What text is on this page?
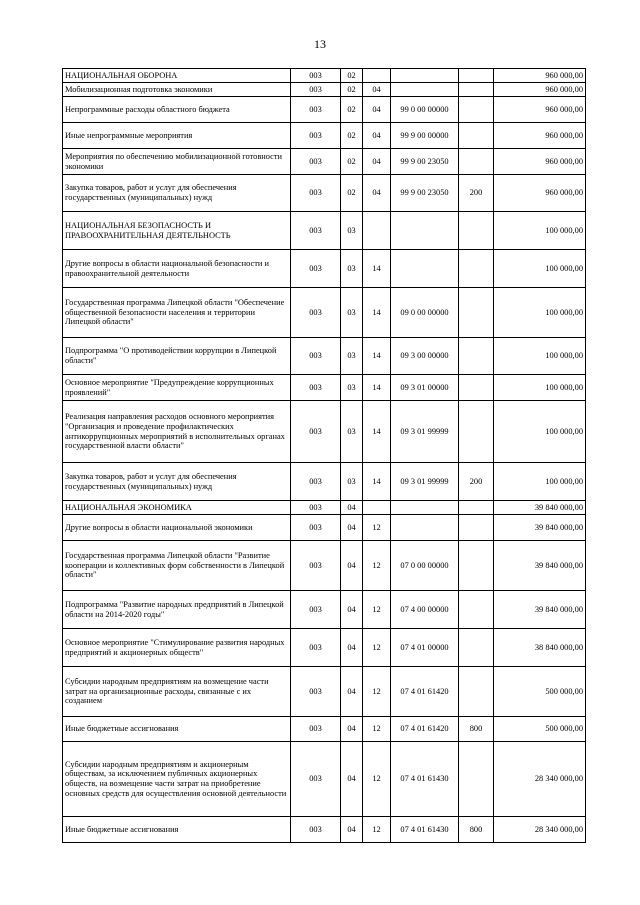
13
НАЦИОНАЛЬНАЯ ОБОРОНА	003	02				960 000,00
Мобилизационная подготовка экономики	003	02	04			960 000,00
Непрограммные расходы областного бюджета	003	02	04	99 0 00 00000		960 000,00
Иные непрограммные мероприятия	003	02	04	99 9 00 00000		960 000,00
Мероприятия по обеспечению мобилизационной готовности экономики	003	02	04	99 9 00 23050		960 000,00
Закупка товаров, работ и услуг для обеспечения государственных (муниципальных) нужд	003	02	04	99 9 00 23050	200	960 000,00
НАЦИОНАЛЬНАЯ БЕЗОПАСНОСТЬ И ПРАВООХРАНИТЕЛЬНАЯ ДЕЯТЕЛЬНОСТЬ	003	03				100 000,00
Другие вопросы в области национальной безопасности и правоохранительной деятельности	003	03	14			100 000,00
Государственная программа Липецкой области "Обеспечение общественной безопасности населения и территории Липецкой области"	003	03	14	09 0 00 00000		100 000,00
Подпрограмма "О противодействии коррупции в Липецкой области"	003	03	14	09 3 00 00000		100 000,00
Основное мероприятие "Предупреждение коррупционных проявлений"	003	03	14	09 3 01 00000		100 000,00
Реализация направления расходов основного мероприятия "Организация и проведение профилактических антикоррупционных мероприятий в исполнительных органах государственной власти области"	003	03	14	09 3 01 99999		100 000,00
Закупка товаров, работ и услуг для обеспечения государственных (муниципальных) нужд	003	03	14	09 3 01 99999	200	100 000,00
НАЦИОНАЛЬНАЯ ЭКОНОМИКА	003	04				39 840 000,00
Другие вопросы в области национальной экономики	003	04	12			39 840 000,00
Государственная программа Липецкой области "Развитие кооперации и коллективных форм собственности в Липецкой области"	003	04	12	07 0 00 00000		39 840 000,00
Подпрограмма "Развитие народных предприятий в Липецкой области на 2014-2020 годы"	003	04	12	07 4 00 00000		39 840 000,00
Основное мероприятие "Стимулирование развития народных предприятий и акционерных обществ"	003	04	12	07 4 01 00000		38 840 000,00
Субсидии народным предприятиям на возмещение части затрат на организационные расходы, связанные с их созданием	003	04	12	07 4 01 61420		500 000,00
Иные бюджетные ассигнования	003	04	12	07 4 01 61420	800	500 000,00
Субсидии народным предприятиям и акционерным обществам, за исключением публичных акционерных обществ, на возмещение части затрат на приобретение основных средств для осуществления основной деятельности	003	04	12	07 4 01 61430		28 340 000,00
Иные бюджетные ассигнования	003	04	12	07 4 01 61430	800	28 340 000,00
